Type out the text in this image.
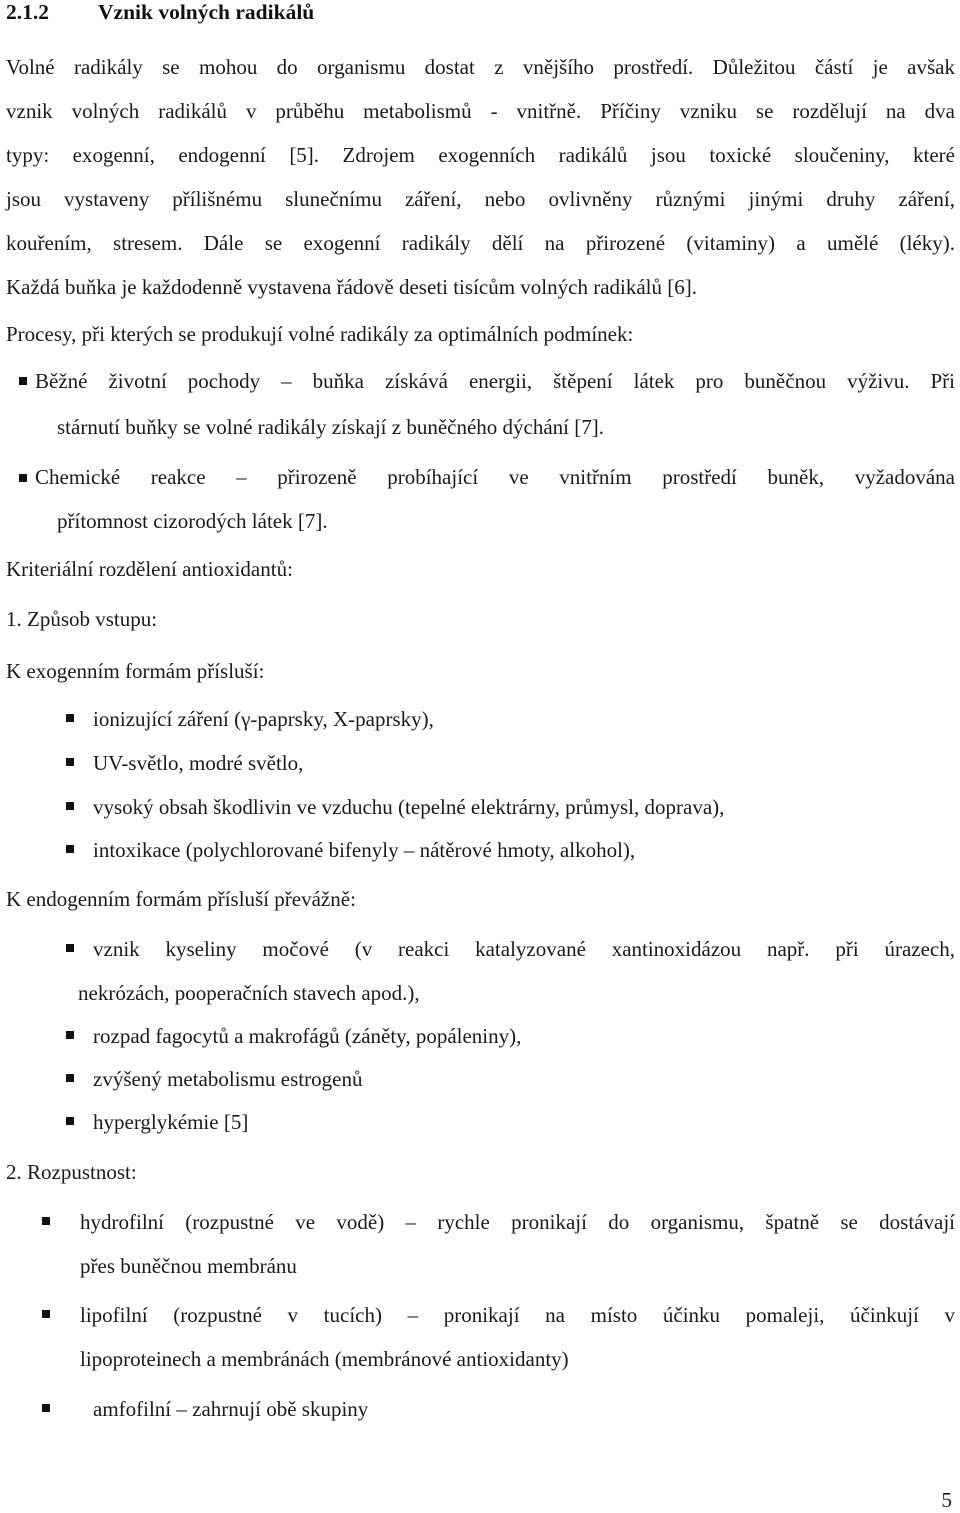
2.1.2 Vznik volných radikálů
Volné radikály se mohou do organismu dostat z vnějšího prostředí. Důležitou částí je avšak
vznik volných radikálů v průběhu metabolismů - vnitřně. Příčiny vzniku se rozdělují na dva
typy: exogenní, endogenní [5]. Zdrojem exogenních radikálů jsou toxické sloučeniny, které
jsou vystaveny přílišnému slunečnímu záření, nebo ovlivněny různými jinými druhy záření,
kouřením, stresem. Dále se exogenní radikály dělí na přirozené (vitaminy) a umělé (léky).
Každá buňka je každodenně vystavena řádově deseti tisícům volných radikálů [6].
Procesy, při kterých se produkují volné radikály za optimálních podmínek:
Běžné životní pochody – buňka získává energii, štěpení látek pro buněčnou výživu. Při
stárnutí buňky se volné radikály získají z buněčného dýchání [7].
Chemické reakce – přirozeně probíhající ve vnitřním prostředí buněk, vyžadována
přítomnost cizorodých látek [7].
Kriteriální rozdělení antioxidantů:
1. Způsob vstupu:
K exogenním formám přísluší:
ionizující záření (γ-paprsky, X-paprsky),
UV-světlo, modré světlo,
vysoký obsah škodlivin ve vzduchu (tepelné elektrárny, průmysl, doprava),
intoxikace (polychlorované bifenyly – nátěrové hmoty, alkohol),
K endogenním formám přísluší převážně:
vznik kyseliny močové (v reakci katalyzované xantinoxidázou např. při úrazech,
nekrózách, pooperačních stavech apod.),
rozpad fagocytů a makrofágů (záněty, popáleniny),
zvýšený metabolismu estrogenů
hyperglykémie [5]
2. Rozpustnost:
hydrofilní (rozpustné ve vodě) – rychle pronikají do organismu, špatně se dostávají
přes buněčnou membránu
lipofilní (rozpustné v tucích) – pronikají na místo účinku pomaleji, účinkují v
lipoproteinech a membránách (membránové antioxidanty)
amfofilní – zahrnují obě skupiny
5
